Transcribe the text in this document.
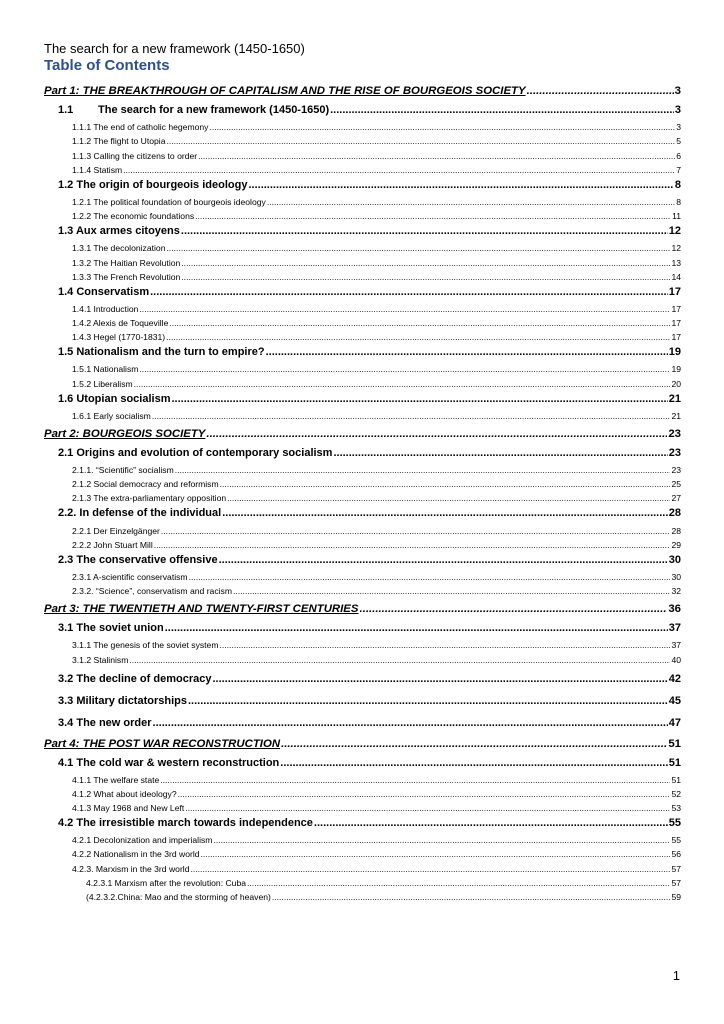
The search for a new framework (1450-1650)

Table of Contents
Part 1: THE BREAKTHROUGH OF CAPITALISM AND THE RISE OF BOURGEOIS SOCIETY .....	3
1.1 The search for a new framework (1450-1650) .....	3
1.1.1 The end of catholic hegemony .....	3
1.1.2 The flight to Utopia .....	5
1.1.3 Calling the citizens to order .....	6
1.1.4 Statism .....	7
1.2 The origin of bourgeois ideology .....	8
1.2.1 The political foundation of bourgeois ideology .....	8
1.2.2 The economic foundations .....	11
1.3 Aux armes citoyens .....	12
1.3.1 The decolonization .....	12
1.3.2 The Haitian Revolution .....	13
1.3.3 The French Revolution .....	14
1.4 Conservatism .....	17
1.4.1 Introduction .....	17
1.4.2 Alexis de Toqueville .....	17
1.4.3 Hegel (1770-1831) .....	17
1.5 Nationalism and the turn to empire? .....	19
1.5.1 Nationalism .....	19
1.5.2 Liberalism .....	20
1.6 Utopian socialism .....	21
1.6.1 Early socialism .....	21
Part 2: BOURGEOIS SOCIETY .....	23
2.1 Origins and evolution of contemporary socialism .....	23
2.1.1. “Scientific” socialism .....	23
2.1.2 Social democracy and reformism .....	25
2.1.3 The extra-parliamentary opposition .....	27
2.2. In defense of the individual .....	28
2.2.1 Der Einzelgänger .....	28
2.2.2 John Stuart Mill .....	29
2.3 The conservative offensive .....	30
2.3.1 A-scientific conservatism .....	30
2.3.2. “Science”, conservatism and racism .....	32
Part 3: THE TWENTIETH AND TWENTY-FIRST CENTURIES .....	36
3.1 The soviet union .....	37
3.1.1 The genesis of the soviet system .....	37
3.1.2 Stalinism .....	40
3.2 The decline of democracy .....	42
3.3 Military dictatorships .....	45
3.4 The new order .....	47
Part 4: THE POST WAR RECONSTRUCTION .....	51
4.1 The cold war & western reconstruction .....	51
4.1.1 The welfare state .....	51
4.1.2 What about ideology? .....	52
4.1.3 May 1968 and New Left .....	53
4.2 The irresistible march towards independence .....	55
4.2.1 Decolonization and imperialism .....	55
4.2.2 Nationalism in the 3rd world .....	56
4.2.3. Marxism in the 3rd world .....	57
4.2.3.1 Marxism after the revolution: Cuba .....	57
(4.2.3.2.China: Mao and the storming of heaven) .....	59
1
